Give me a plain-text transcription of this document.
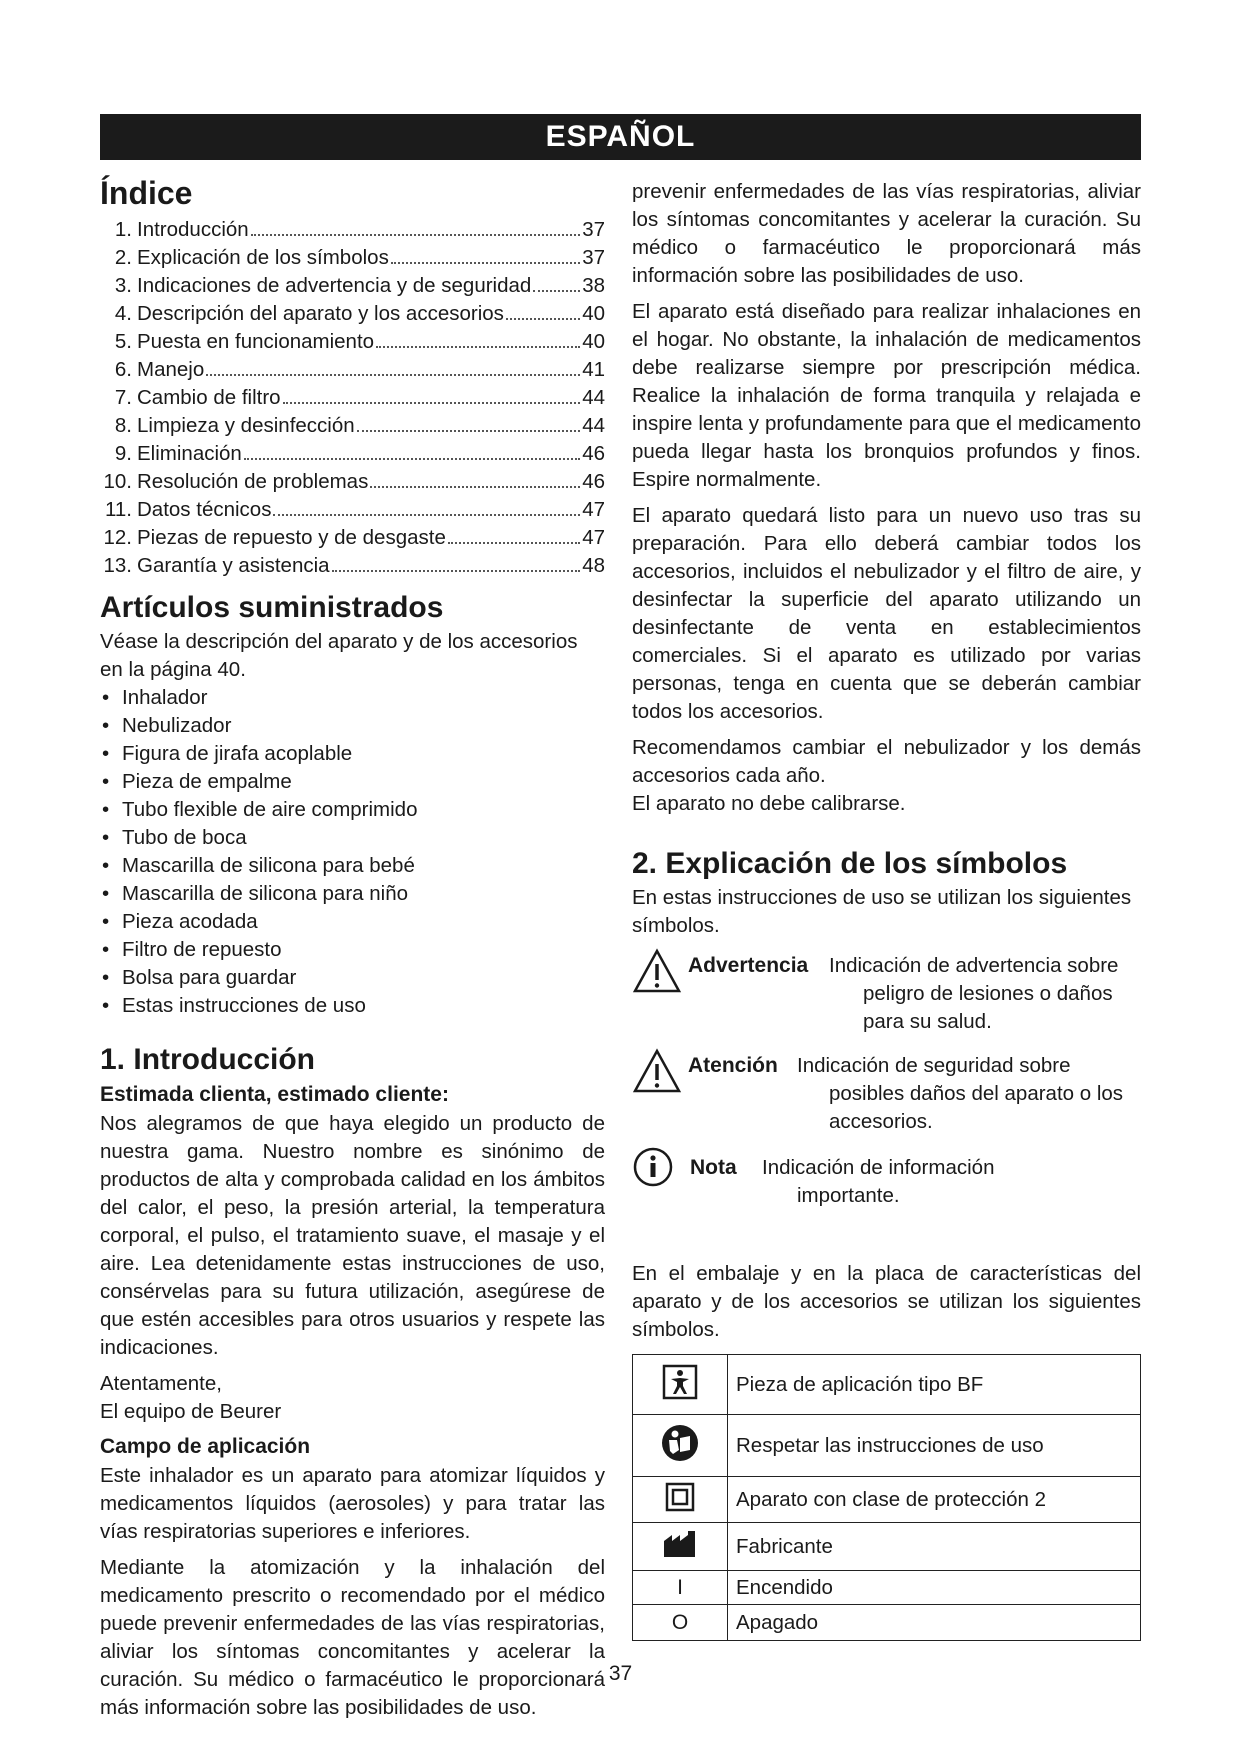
ESPAÑOL
Índice
1. Introducción	37
2. Explicación de los símbolos	37
3. Indicaciones de advertencia y de seguridad 38
4. Descripción del aparato y los accesorios	40
5. Puesta en funcionamiento	40
6. Manejo	41
7. Cambio de filtro	44
8. Limpieza y desinfección	44
9. Eliminación	46
10. Resolución de problemas	46
11. Datos técnicos	47
12. Piezas de repuesto y de desgaste	47
13. Garantía y asistencia	48
Artículos suministrados

Véase la descripción del aparato y de los accesorios en la página 40.

• Inhalador
• Nebulizador
• Figura de jirafa acoplable
• Pieza de empalme
• Tubo flexible de aire comprimido
• Tubo de boca
• Mascarilla de silicona para bebé
• Mascarilla de silicona para niño
• Pieza acodada
• Filtro de repuesto
• Bolsa para guardar
• Estas instrucciones de uso
1. Introducción
Estimada clienta, estimado cliente:

Nos alegramos de que haya elegido un producto de nuestra gama. Nuestro nombre es sinónimo de productos de alta y comprobada calidad en los ámbitos del calor, el peso, la presión arterial, la temperatura corporal, el pulso, el tratamiento suave, el masaje y el aire. Lea detenidamente estas instrucciones de uso, consérvelas para su futura utilización, asegúrese de que estén accesibles para otros usuarios y respete las indicaciones.

Atentamente,

El equipo de Beurer

Campo de aplicación

Este inhalador es un aparato para atomizar líquidos y medicamentos líquidos (aerosoles) y para tratar las vías respiratorias superiores e inferiores.

Mediante la atomización y la inhalación del medicamento prescrito o recomendado por el médico puede prevenir enfermedades de las vías respiratorias, aliviar los síntomas concomitantes y acelerar la curación. Su médico o farmacéutico le proporcionará más información sobre las posibilidades de uso.

prevenir enfermedades de las vías respiratorias, aliviar los síntomas concomitantes y acelerar la curación. Su médico o farmacéutico le proporcionará más información sobre las posibilidades de uso.

El aparato está diseñado para realizar inhalaciones en el hogar. No obstante, la inhalación de medicamentos debe realizarse siempre por prescripción médica. Realice la inhalación de forma tranquila y relajada e inspire lenta y profundamente para que el medicamento pueda llegar hasta los bronquios profundos y finos. Espire normalmente.

El aparato quedará listo para un nuevo uso tras su preparación. Para ello deberá cambiar todos los accesorios, incluidos el nebulizador y el filtro de aire, y desinfectar la superficie del aparato utilizando un desinfectante de venta en establecimientos comerciales. Si el aparato es utilizado por varias personas, tenga en cuenta que se deberán cambiar todos los accesorios.

Recomendamos cambiar el nebulizador y los demás accesorios cada año.

El aparato no debe calibrarse.

2. Explicación de los símbolos

En estas instrucciones de uso se utilizan los siguientes símbolos.

Advertencia Indicación de advertencia sobre peligro de lesiones o daños para su salud.
Atención Indicación de seguridad sobre posibles daños del aparato o los accesorios.
Nota Indicación de información importante.

En el embalaje y en la placa de características del aparato y de los accesorios se utilizan los siguientes símbolos.

	Pieza de aplicación tipo BF
	Respetar las instrucciones de uso
	Aparato con clase de protección 2
	Fabricante
I	Encendido
O	Apagado
37
